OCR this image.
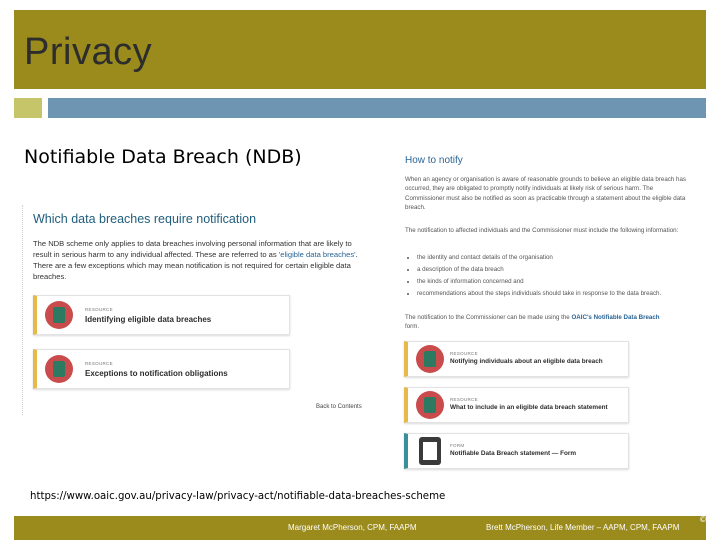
Privacy
Notifiable Data Breach (NDB)
Which data breaches require notification
The NDB scheme only applies to data breaches involving personal information that are likely to result in serious harm to any individual affected. These are referred to as 'eligible data breaches'. There are a few exceptions which may mean notification is not required for certain eligible data breaches.
RESOURCE
Identifying eligible data breaches
RESOURCE
Exceptions to notification obligations
Back to Contents
How to notify
When an agency or organisation is aware of reasonable grounds to believe an eligible data breach has occurred, they are obligated to promptly notify individuals at likely risk of serious harm. The Commissioner must also be notified as soon as practicable through a statement about the eligible data breach.
The notification to affected individuals and the Commissioner must include the following information:
• the identity and contact details of the organisation
• a description of the data breach
• the kinds of information concerned and
• recommendations about the steps individuals should take in response to the data breach.
The notification to the Commissioner can be made using the OAIC's Notifiable Data Breach
form.
RESOURCE
Notifying individuals about an eligible data breach
RESOURCE
What to include in an eligible data breach statement
FORM
Notifiable Data Breach statement — Form
https://www.oaic.gov.au/privacy-law/privacy-act/notifiable-data-breaches-scheme
Margaret McPherson, CPM, FAAPM	Brett McPherson, Life Member – AAPM, CPM, FAAPM
©
